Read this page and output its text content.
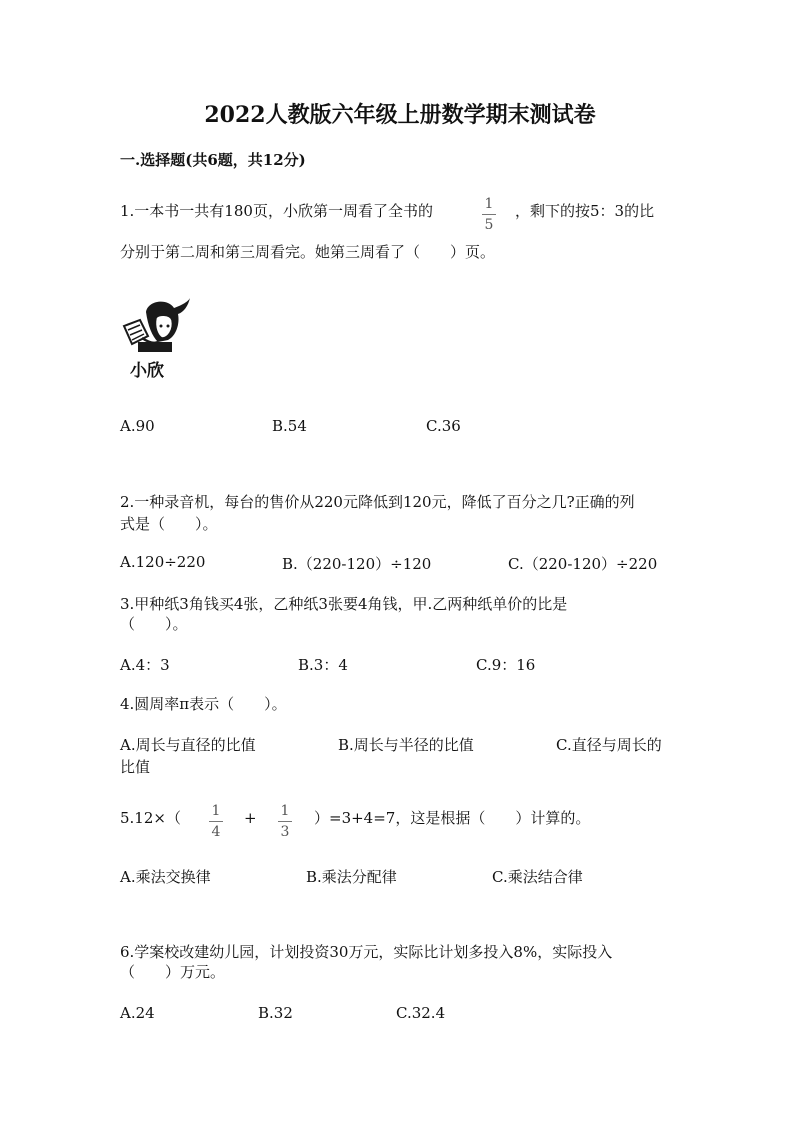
2022人教版六年级上册数学期末测试卷
一.选择题(共6题，共12分)
1.一本书一共有180页，小欣第一周看了全书的	1
5
，剩下的按5：3的比
分别于第二周和第三周看完。她第三周看了（　　）页。
小欣
A.90	B.54	C.36
2.一种录音机，每台的售价从220元降低到120元，降低了百分之几?正确的列
式是（　　）。
A.120÷220	B.（220-120）÷120	C.（220-120）÷220
3.甲种纸3角钱买4张，乙种纸3张要4角钱，甲.乙两种纸单价的比是
（　　）。
A.4：3	B.3：4	C.9：16
4.圆周率π表示（　　）。
A.周长与直径的比值	B.周长与半径的比值	C.直径与周长的
比值
5.12×（	1
4
+	1
3
）=3+4=7，这是根据（　　）计算的。
A.乘法交换律	B.乘法分配律	C.乘法结合律
6.学案校改建幼儿园，计划投资30万元，实际比计划多投入8%，实际投入
（　　）万元。
A.24	B.32	C.32.4
